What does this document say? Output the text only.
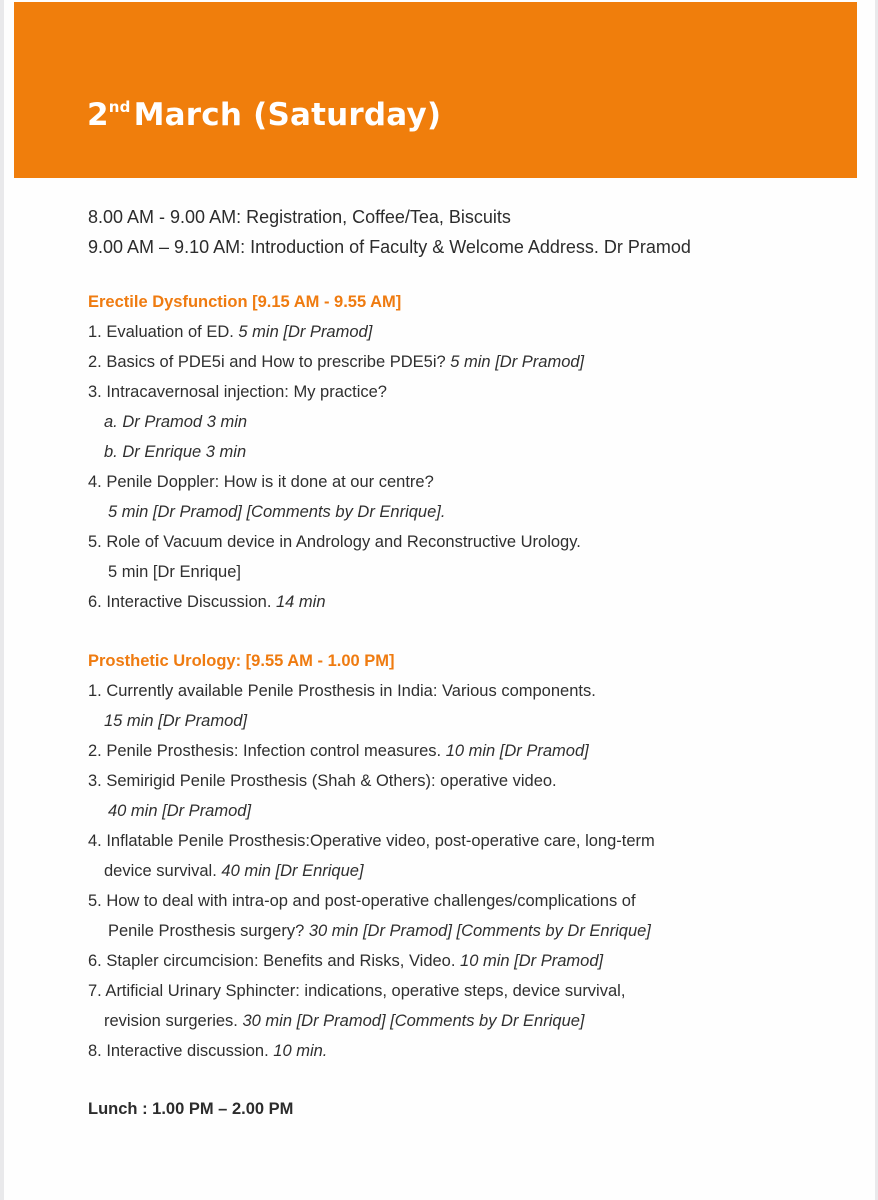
2ndMarch (Saturday)
8.00 AM - 9.00 AM: Registration, Coffee/Tea, Biscuits
9.00 AM – 9.10 AM: Introduction of Faculty & Welcome Address. Dr Pramod
Erectile Dysfunction [9.15 AM - 9.55 AM]
1. Evaluation of ED. 5 min [Dr Pramod]
2. Basics of PDE5i and How to prescribe PDE5i? 5 min [Dr Pramod]
3. Intracavernosal injection: My practice?
a. Dr Pramod 3 min
b. Dr Enrique 3 min
4. Penile Doppler: How is it done at our centre?
5 min [Dr Pramod] [Comments by Dr Enrique].
5. Role of Vacuum device in Andrology and Reconstructive Urology.
5 min [Dr Enrique]
6. Interactive Discussion. 14 min
Prosthetic Urology: [9.55 AM - 1.00 PM]
1. Currently available Penile Prosthesis in India: Various components.
15 min [Dr Pramod]
2. Penile Prosthesis: Infection control measures. 10 min [Dr Pramod]
3. Semirigid Penile Prosthesis (Shah & Others): operative video.
40 min [Dr Pramod]
4. Inflatable Penile Prosthesis:Operative video, post-operative care, long-term
device survival. 40 min [Dr Enrique]
5. How to deal with intra-op and post-operative challenges/complications of
Penile Prosthesis surgery? 30 min [Dr Pramod] [Comments by Dr Enrique]
6. Stapler circumcision: Benefits and Risks, Video. 10 min [Dr Pramod]
7. Artificial Urinary Sphincter: indications, operative steps, device survival,
revision surgeries. 30 min [Dr Pramod] [Comments by Dr Enrique]
8. Interactive discussion. 10 min.
Lunch : 1.00 PM – 2.00 PM
